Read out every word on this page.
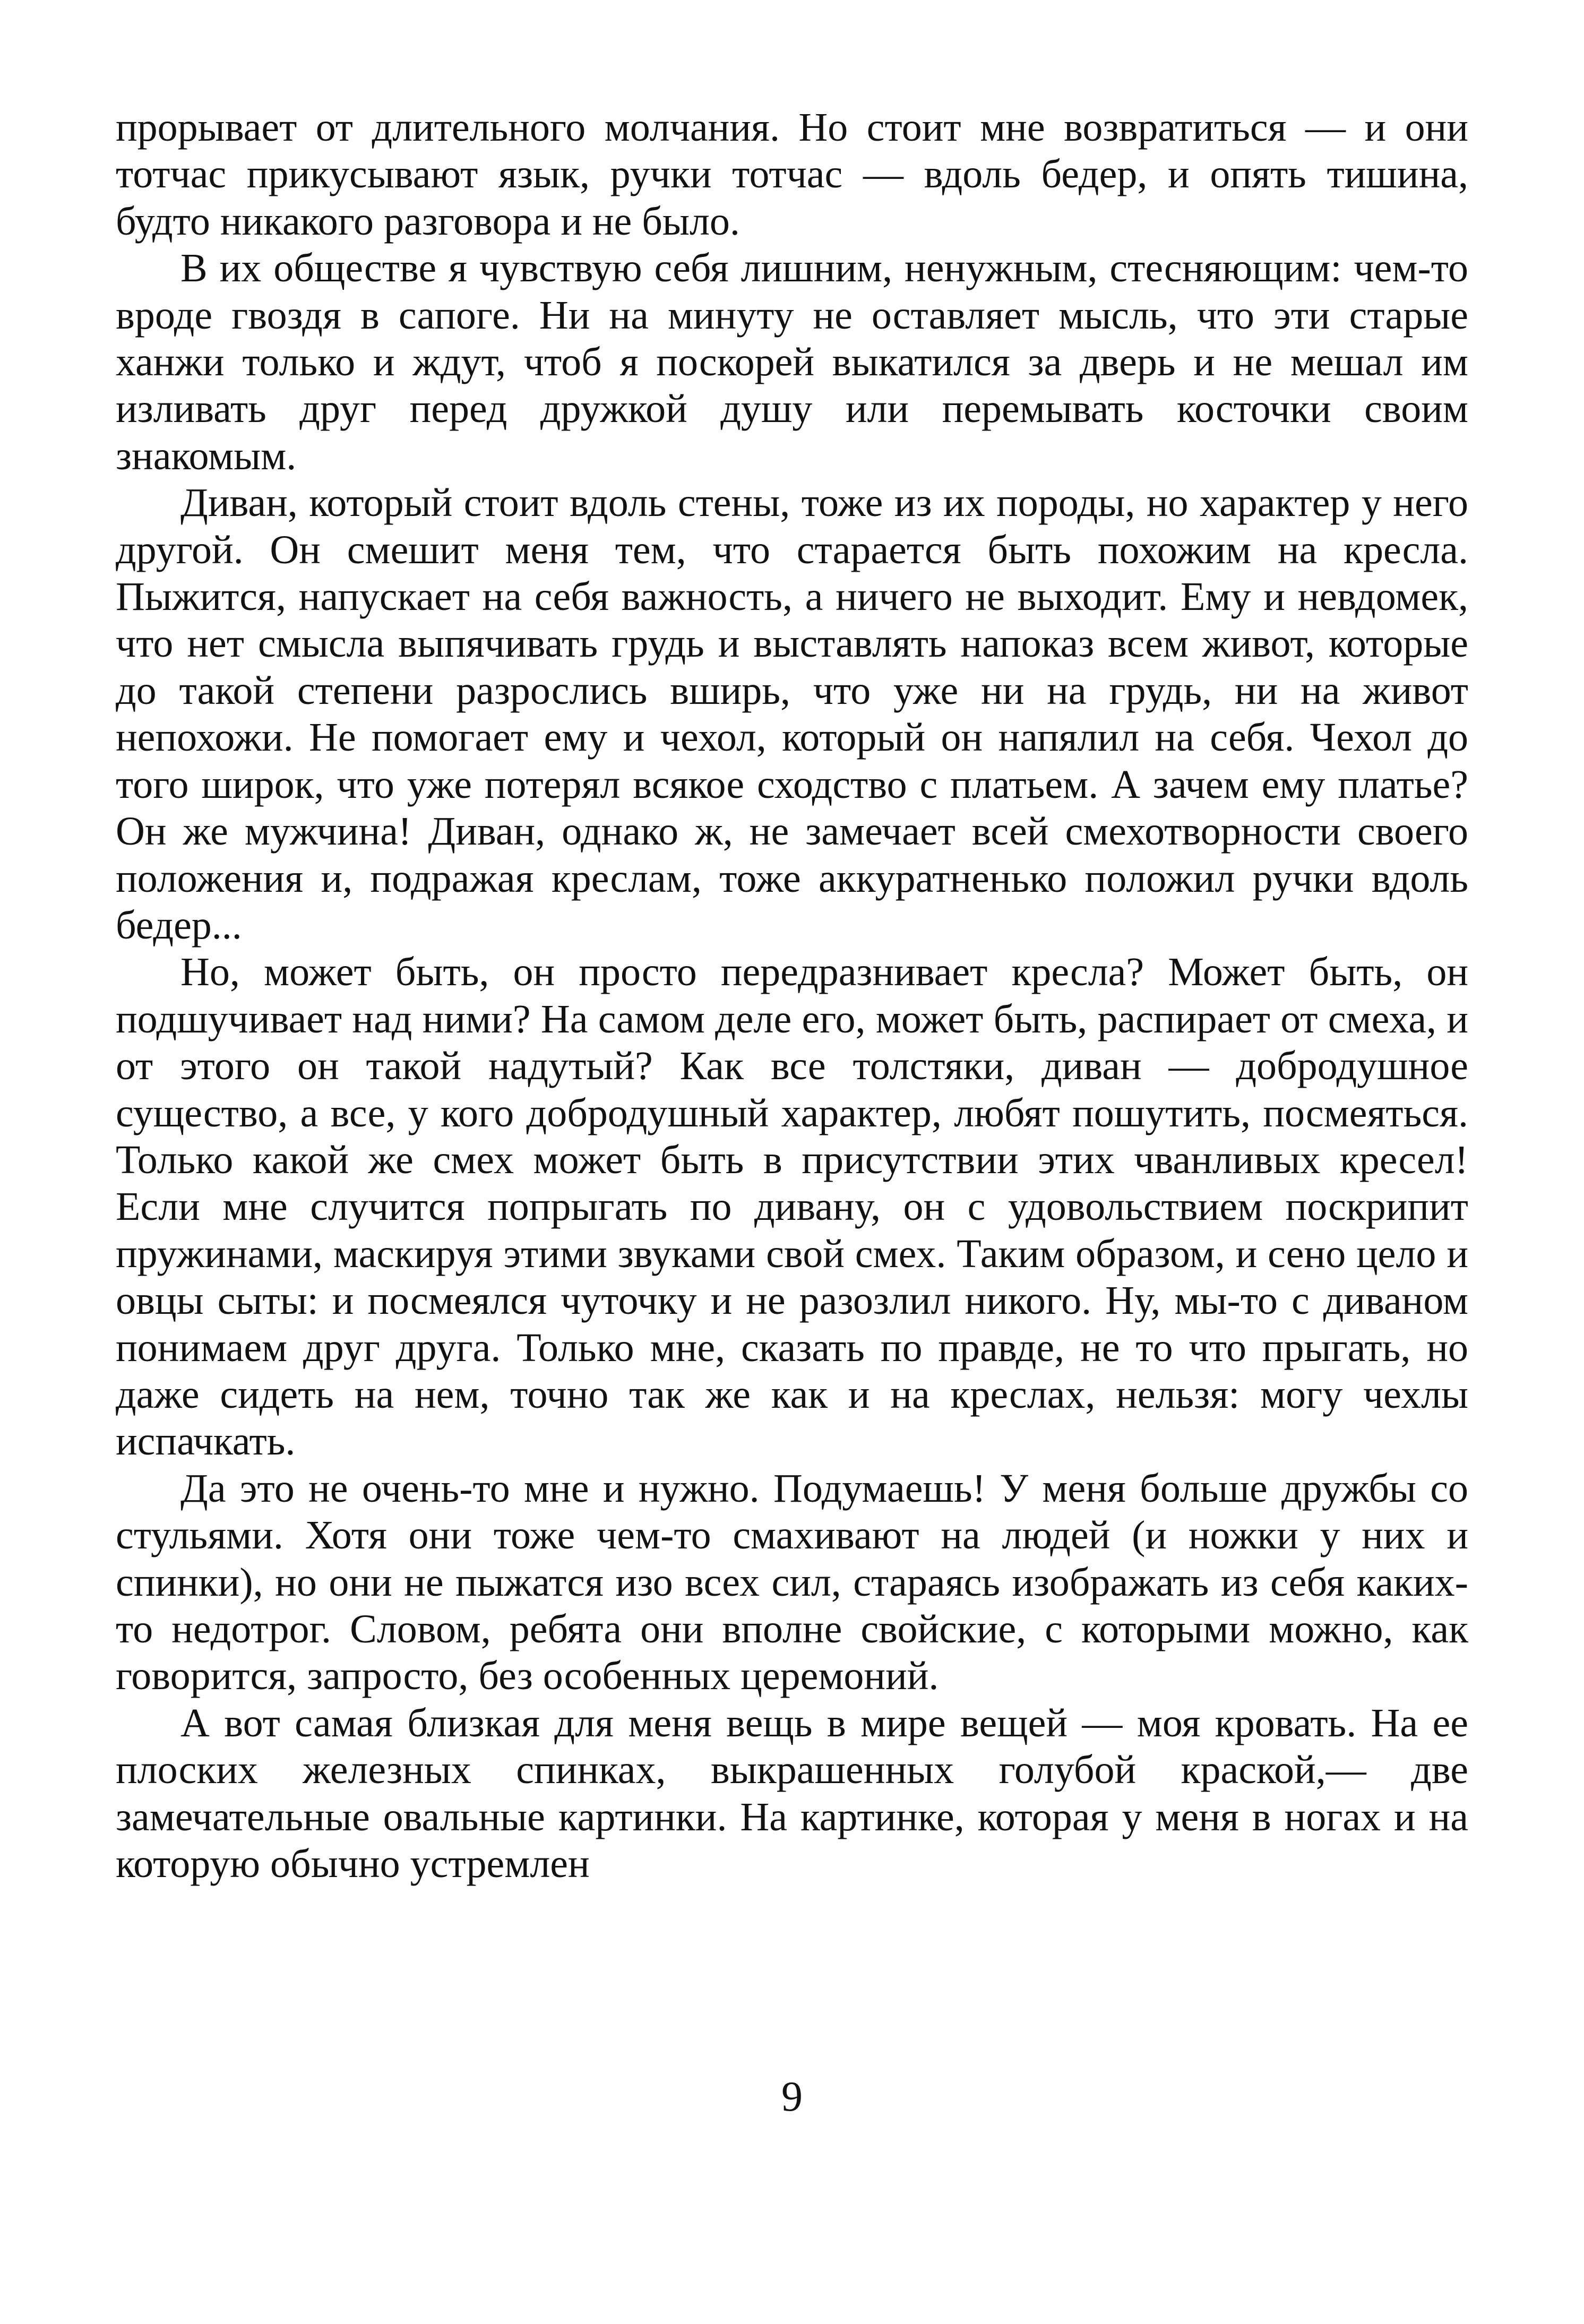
прорывает от длительного молчания. Но стоит мне возвратиться — и они тотчас прикусывают язык, ручки тотчас — вдоль бедер, и опять тишина, будто никакого разговора и не было.

В их обществе я чувствую себя лишним, ненужным, стесняющим: чем-то вроде гвоздя в сапоге. Ни на минуту не оставляет мысль, что эти старые ханжи только и ждут, чтоб я поскорей выкатился за дверь и не мешал им изливать друг перед дружкой душу или перемывать косточки своим знакомым.

Диван, который стоит вдоль стены, тоже из их породы, но характер у него другой. Он смешит меня тем, что старается быть похожим на кресла. Пыжится, напускает на себя важность, а ничего не выходит. Ему и невдомек, что нет смысла выпячивать грудь и выставлять напоказ всем живот, которые до такой степени разрослись вширь, что уже ни на грудь, ни на живот непохожи. Не помогает ему и чехол, который он напялил на себя. Чехол до того широк, что уже потерял всякое сходство с платьем. А зачем ему платье? Он же мужчина! Диван, однако ж, не замечает всей смехотворности своего положения и, подражая креслам, тоже аккуратненько положил ручки вдоль бедер...

Но, может быть, он просто передразнивает кресла? Может быть, он подшучивает над ними? На самом деле его, может быть, распирает от смеха, и от этого он такой надутый? Как все толстяки, диван — добродушное существо, а все, у кого добродушный характер, любят пошутить, посмеяться. Только какой же смех может быть в присутствии этих чванливых кресел! Если мне случится попрыгать по дивану, он с удовольствием поскрипит пружинами, маскируя этими звуками свой смех. Таким образом, и сено цело и овцы сыты: и посмеялся чуточку и не разозлил никого. Ну, мы-то с диваном понимаем друг друга. Только мне, сказать по правде, не то что прыгать, но даже сидеть на нем, точно так же как и на креслах, нельзя: могу чехлы испачкать.

Да это не очень-то мне и нужно. Подумаешь! У меня больше дружбы со стульями. Хотя они тоже чем-то смахивают на людей (и ножки у них и спинки), но они не пыжатся изо всех сил, стараясь изображать из себя каких-то недотрог. Словом, ребята они вполне свойские, с которыми можно, как говорится, запросто, без особенных церемоний.

А вот самая близкая для меня вещь в мире вещей — моя кровать. На ее плоских железных спинках, выкрашенных голубой краской,— две замечательные овальные картинки. На картинке, которая у меня в ногах и на которую обычно устремлен

9
